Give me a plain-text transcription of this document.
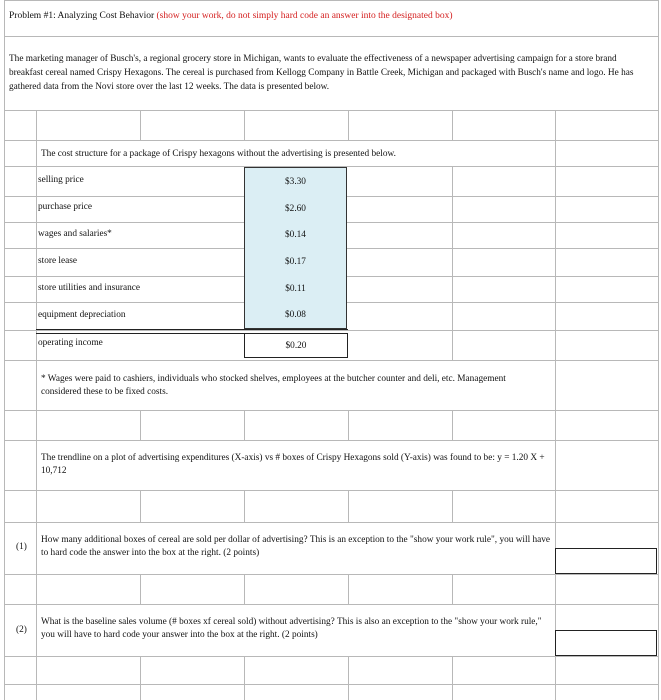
Problem #1: Analyzing Cost Behavior (show your work, do not simply hard code an answer into the designated box)
The marketing manager of Busch's, a regional grocery store in Michigan, wants to evaluate the effectiveness of a newspaper advertising campaign for a store brand breakfast cereal named Crispy Hexagons. The cereal is purchased from Kellogg Company in Battle Creek, Michigan and packaged with Busch's name and logo. He has gathered data from the Novi store over the last 12 weeks. The data is presented below.
The cost structure for a package of Crispy hexagons without the advertising is presented below.
selling price	$3.30
purchase price	$2.60
wages and salaries*	$0.14
store lease	$0.17
store utilities and insurance	$0.11
equipment depreciation	$0.08
operating income	$0.20
* Wages were paid to cashiers, individuals who stocked shelves, employees at the butcher counter and deli, etc. Management considered these to be fixed costs.
The trendline on a plot of advertising expenditures (X-axis) vs # boxes of Crispy Hexagons sold (Y-axis) was found to be: y = 1.20 X + 10,712
(1)
How many additional boxes of cereal are sold per dollar of advertising? This is an exception to the "show your work rule", you will have to hard code the answer into the box at the right. (2 points)
(2)
What is the baseline sales volume (# boxes xf cereal sold) without advertising? This is also an exception to the "show your work rule," you will have to hard code your answer into the box at the right. (2 points)
